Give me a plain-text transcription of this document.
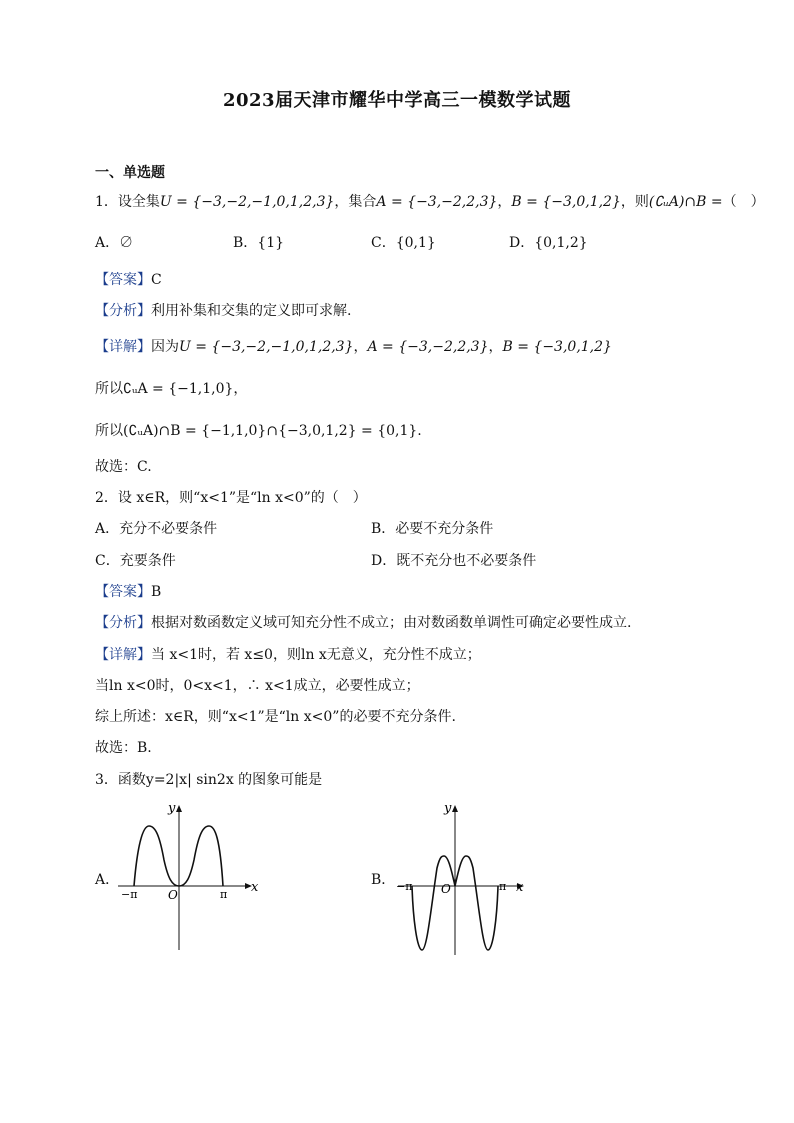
2023届天津市耀华中学高三一模数学试题
一、单选题
1．设全集U = {−3,−2,−1,0,1,2,3}，集合A = {−3,−2,2,3}，B = {−3,0,1,2}，则(∁ᵤA)∩B =（　）
A．∅	B．{1}	C．{0,1}	D．{0,1,2}
【答案】C
【分析】利用补集和交集的定义即可求解.
【详解】因为U = {−3,−2,−1,0,1,2,3}，A = {−3,−2,2,3}，B = {−3,0,1,2}
所以∁ᵤA = {−1,1,0}，
所以(∁ᵤA)∩B = {−1,1,0}∩{−3,0,1,2} = {0,1}.
故选：C.
2．设 x∈R，则“x<1”是“ln x<0”的（　）
A．充分不必要条件	B．必要不充分条件
C．充要条件	D．既不充分也不必要条件
【答案】B
【分析】根据对数函数定义域可知充分性不成立；由对数函数单调性可确定必要性成立.
【详解】当 x<1时，若 x≤0，则ln x无意义，充分性不成立；
当ln x<0时，0<x<1，∴ x<1成立，必要性成立；
综上所述：x∈R，则“x<1”是“ln x<0”的必要不充分条件.
故选：B.
3．函数y=2|x| sin2x 的图象可能是
A．	x
y
O
−π	π
B．	x
y
O
−π	π
